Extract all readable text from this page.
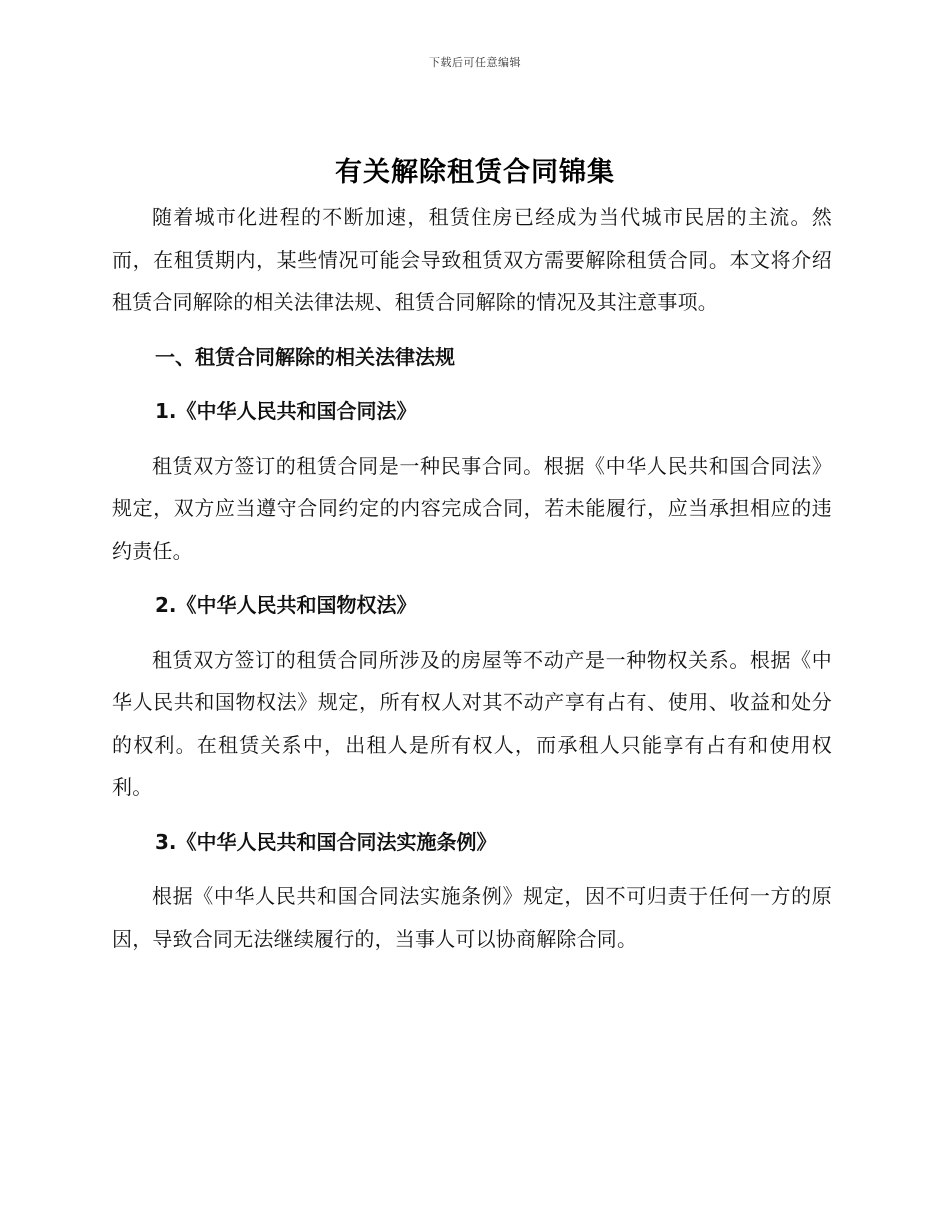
下载后可任意编辑
有关解除租赁合同锦集

随着城市化进程的不断加速，租赁住房已经成为当代城市民居的主流。然而，在租赁期内，某些情况可能会导致租赁双方需要解除租赁合同。本文将介绍租赁合同解除的相关法律法规、租赁合同解除的情况及其注意事项。

一、租赁合同解除的相关法律法规

1.《中华人民共和国合同法》

租赁双方签订的租赁合同是一种民事合同。根据《中华人民共和国合同法》规定，双方应当遵守合同约定的内容完成合同，若未能履行，应当承担相应的违约责任。

2.《中华人民共和国物权法》

租赁双方签订的租赁合同所涉及的房屋等不动产是一种物权关系。根据《中华人民共和国物权法》规定，所有权人对其不动产享有占有、使用、收益和处分的权利。在租赁关系中，出租人是所有权人，而承租人只能享有占有和使用权利。

3.《中华人民共和国合同法实施条例》

根据《中华人民共和国合同法实施条例》规定，因不可归责于任何一方的原因，导致合同无法继续履行的，当事人可以协商解除合同。
